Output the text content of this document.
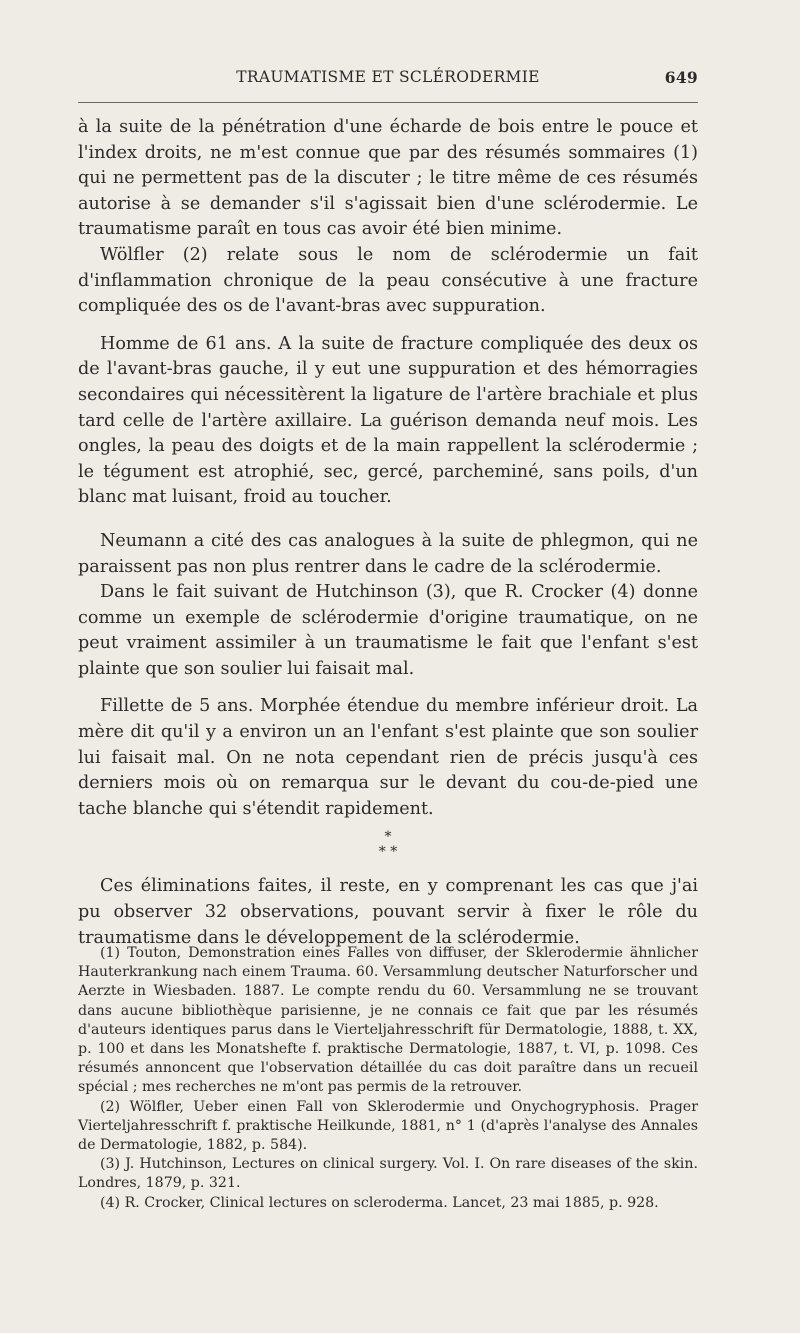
TRAUMATISME ET SCLÉRODERMIE	649

à la suite de la pénétration d'une écharde de bois entre le pouce et l'index droits, ne m'est connue que par des résumés sommaires (1) qui ne permettent pas de la discuter ; le titre même de ces résumés autorise à se demander s'il s'agissait bien d'une sclérodermie. Le traumatisme paraît en tous cas avoir été bien minime.

Wölfler (2) relate sous le nom de sclérodermie un fait d'inflammation chronique de la peau consécutive à une fracture compliquée des os de l'avant-bras avec suppuration.

Homme de 61 ans. A la suite de fracture compliquée des deux os de l'avant-bras gauche, il y eut une suppuration et des hémorragies secondaires qui nécessitèrent la ligature de l'artère brachiale et plus tard celle de l'artère axillaire. La guérison demanda neuf mois. Les ongles, la peau des doigts et de la main rappellent la sclérodermie ; le tégument est atrophié, sec, gercé, parcheminé, sans poils, d'un blanc mat luisant, froid au toucher.

Neumann a cité des cas analogues à la suite de phlegmon, qui ne paraissent pas non plus rentrer dans le cadre de la sclérodermie.

Dans le fait suivant de Hutchinson (3), que R. Crocker (4) donne comme un exemple de sclérodermie d'origine traumatique, on ne peut vraiment assimiler à un traumatisme le fait que l'enfant s'est plainte que son soulier lui faisait mal.

Fillette de 5 ans. Morphée étendue du membre inférieur droit. La mère dit qu'il y a environ un an l'enfant s'est plainte que son soulier lui faisait mal. On ne nota cependant rien de précis jusqu'à ces derniers mois où on remarqua sur le devant du cou-de-pied une tache blanche qui s'étendit rapidement.

*
* *

Ces éliminations faites, il reste, en y comprenant les cas que j'ai pu observer 32 observations, pouvant servir à fixer le rôle du traumatisme dans le développement de la sclérodermie.

(1) Touton, Demonstration eines Falles von diffuser, der Sklerodermie ähnlicher Hauterkrankung nach einem Trauma. 60. Versammlung deutscher Naturforscher und Aerzte in Wiesbaden. 1887. Le compte rendu du 60. Versammlung ne se trouvant dans aucune bibliothèque parisienne, je ne connais ce fait que par les résumés d'auteurs identiques parus dans le Vierteljahresschrift für Dermatologie, 1888, t. XX, p. 100 et dans les Monatshefte f. praktische Dermatologie, 1887, t. VI, p. 1098. Ces résumés annoncent que l'observation détaillée du cas doit paraître dans un recueil spécial ; mes recherches ne m'ont pas permis de la retrouver.

(2) Wölfler, Ueber einen Fall von Sklerodermie und Onychogryphosis. Prager Vierteljahresschrift f. praktische Heilkunde, 1881, n° 1 (d'après l'analyse des Annales de Dermatologie, 1882, p. 584).

(3) J. Hutchinson, Lectures on clinical surgery. Vol. I. On rare diseases of the skin. Londres, 1879, p. 321.

(4) R. Crocker, Clinical lectures on scleroderma. Lancet, 23 mai 1885, p. 928.
